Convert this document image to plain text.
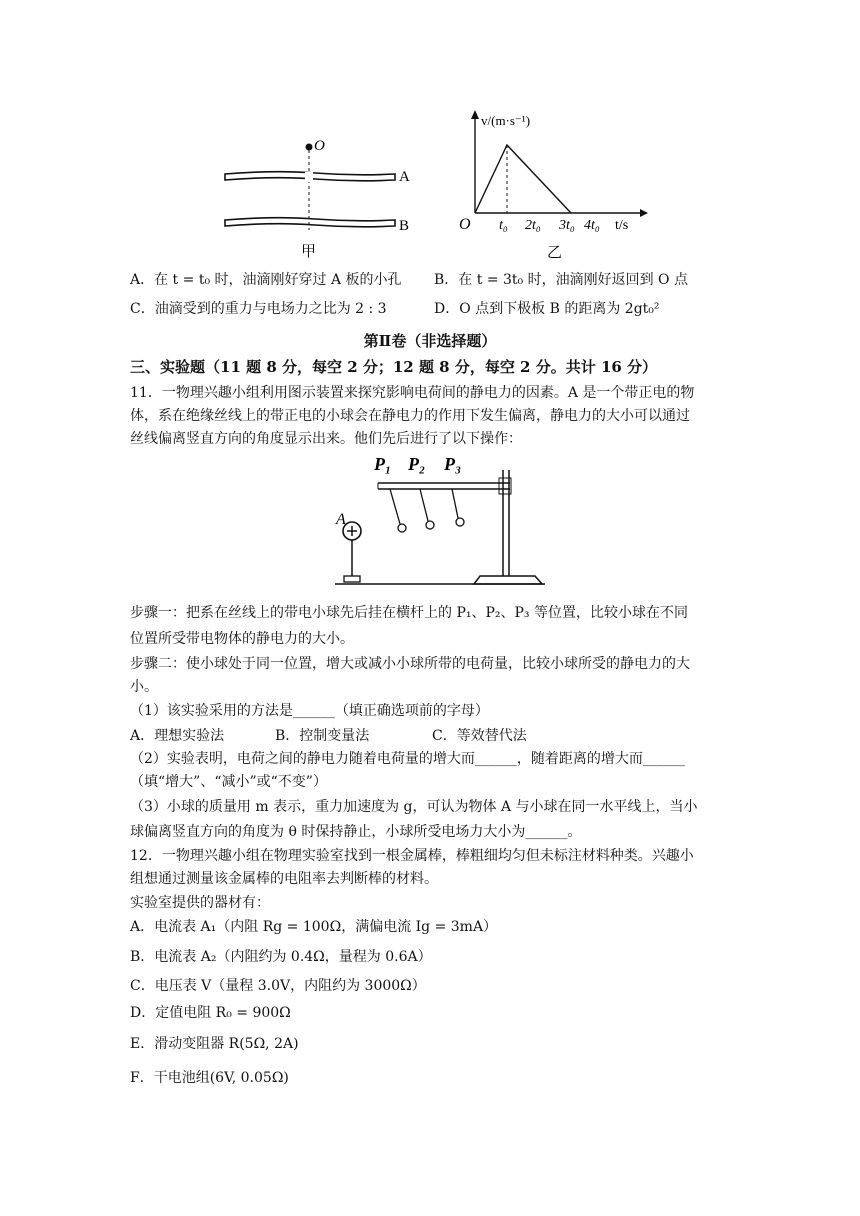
O
A
B
甲
v/(m·s⁻¹)
O t₀ 2t₀ 3t₀ 4t₀ t/s
乙
A．在 t = t₀ 时，油滴刚好穿过 A 板的小孔 B．在 t = 3t₀ 时，油滴刚好返回到 O 点
C．油滴受到的重力与电场力之比为 2 : 3	D．O 点到下极板 B 的距离为 2gt₀²
第Ⅱ卷（非选择题）
三、实验题（11 题 8 分，每空 2 分；12 题 8 分，每空 2 分。共计 16 分）
11．一物理兴趣小组利用图示装置来探究影响电荷间的静电力的因素。A 是一个带正电的物
体，系在绝缘丝线上的带正电的小球会在静电力的作用下发生偏离，静电力的大小可以通过
丝线偏离竖直方向的角度显示出来。他们先后进行了以下操作：
P₁ P₂ P₃
A
步骤一：把系在丝线上的带电小球先后挂在横杆上的 P₁、P₂、P₃ 等位置，比较小球在不同
位置所受带电物体的静电力的大小。
步骤二：使小球处于同一位置，增大或减小小球所带的电荷量，比较小球所受的静电力的大
小。
（1）该实验采用的方法是______（填正确选项前的字母）
A．理想实验法	B．控制变量法	C．等效替代法
（2）实验表明，电荷之间的静电力随着电荷量的增大而______，随着距离的增大而______
（填“增大”、“减小”或“不变”）
（3）小球的质量用 m 表示，重力加速度为 g，可认为物体 A 与小球在同一水平线上，当小
球偏离竖直方向的角度为 θ 时保持静止，小球所受电场力大小为______。
12．一物理兴趣小组在物理实验室找到一根金属棒，棒粗细均匀但未标注材料种类。兴趣小
组想通过测量该金属棒的电阻率去判断棒的材料。
实验室提供的器材有：
A．电流表 A₁（内阻 Rg = 100Ω，满偏电流 Ig = 3mA）
B．电流表 A₂（内阻约为 0.4Ω，量程为 0.6A）
C．电压表 V（量程 3.0V，内阻约为 3000Ω）
D．定值电阻 R₀ = 900Ω
E．滑动变阻器 R(5Ω, 2A)
F．干电池组(6V, 0.05Ω)
